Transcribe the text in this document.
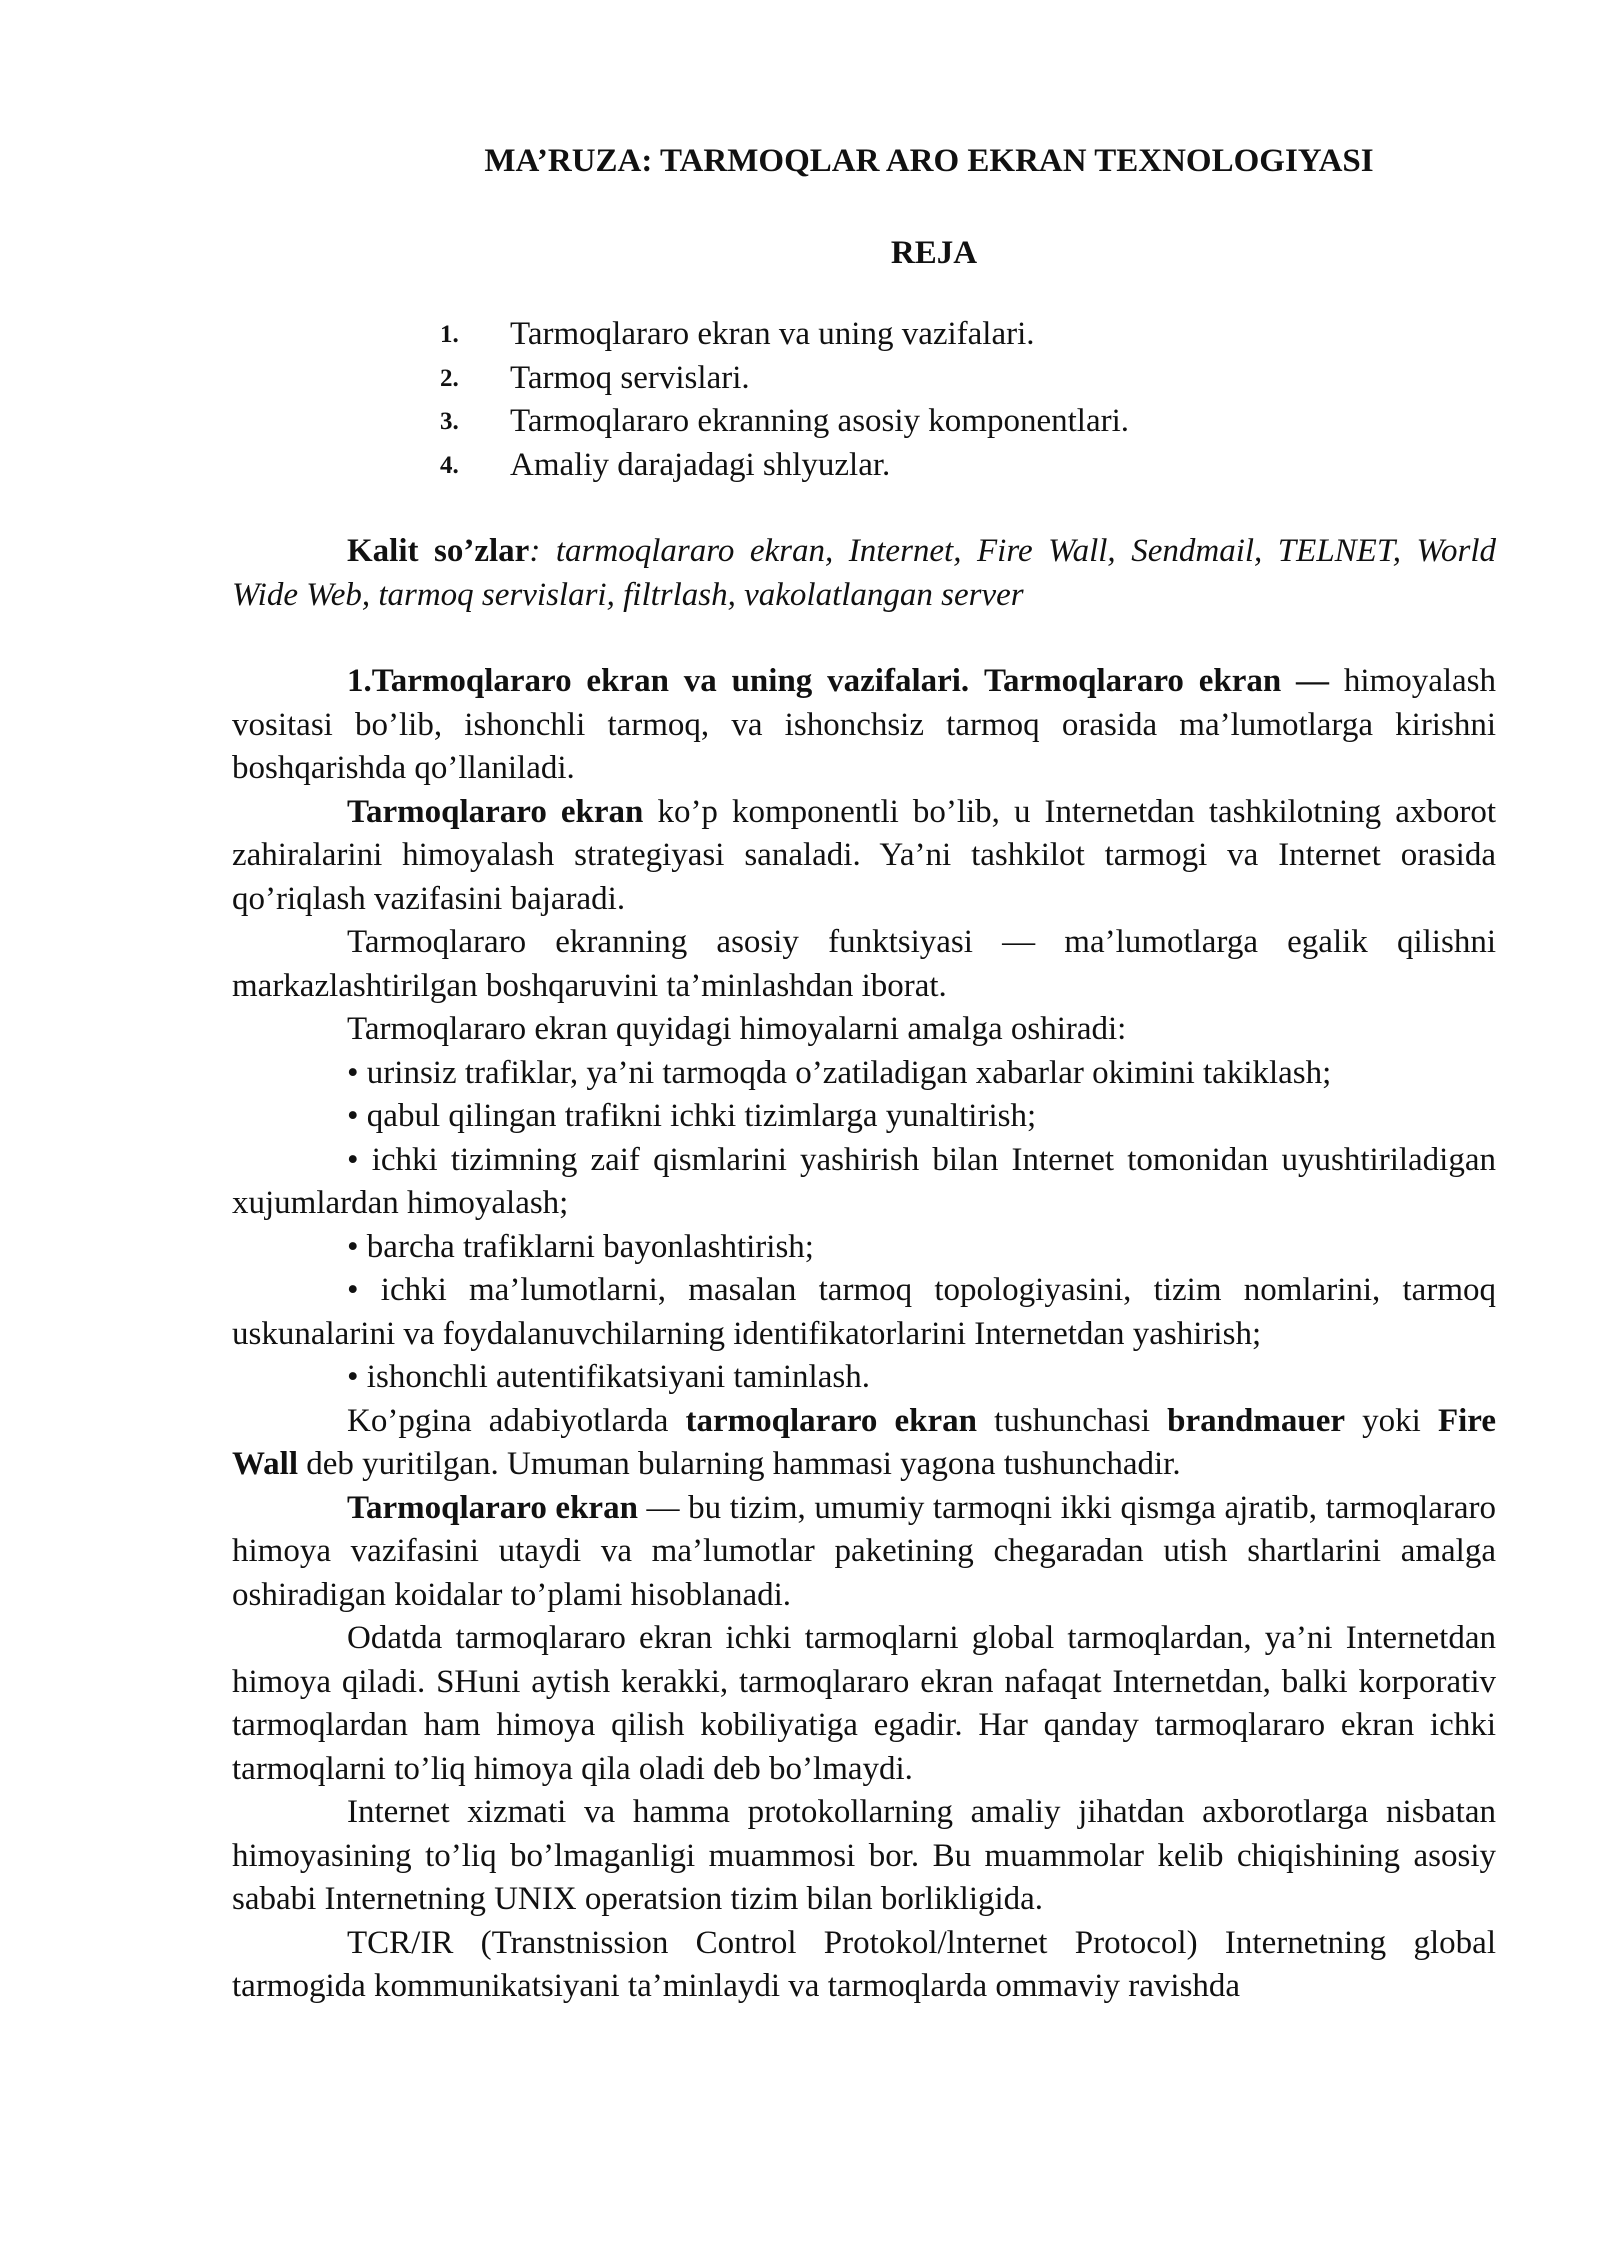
MA’RUZA: TARMOQLAR ARO EKRAN TEXNOLOGIYASI
REJA
1.	Tarmoqlararo ekran va uning vazifalari.
2.	Tarmoq servislari.
3.	Tarmoqlararo ekranning asosiy komponentlari.
4.	Amaliy darajadagi shlyuzlar.

Kalit so’zlar: tarmoqlararo ekran, Internet, Fire Wall, Sendmail, TELNET, World Wide Web, tarmoq servislari, filtrlash, vakolatlangan server

1.Tarmoqlararo ekran va uning vazifalari. Tarmoqlararo ekran — himoyalash vositasi bo’lib, ishonchli tarmoq, va ishonchsiz tarmoq orasida ma’lumotlarga kirishni boshqarishda qo’llaniladi.

Tarmoqlararo ekran ko’p komponentli bo’lib, u Internetdan tashkilotning axborot zahiralarini himoyalash strategiyasi sanaladi. Ya’ni tashkilot tarmogi va Internet orasida qo’riqlash vazifasini bajaradi.

Tarmoqlararo ekranning asosiy funktsiyasi — ma’lumotlarga egalik qilishni markazlashtirilgan boshqaruvini ta’minlashdan iborat.

Tarmoqlararo ekran quyidagi himoyalarni amalga oshiradi:

• urinsiz trafiklar, ya’ni tarmoqda o’zatiladigan xabarlar okimini takiklash;

• qabul qilingan trafikni ichki tizimlarga yunaltirish;

• ichki tizimning zaif qismlarini yashirish bilan Internet tomonidan uyushtiriladigan xujumlardan himoyalash;

• barcha trafiklarni bayonlashtirish;

• ichki ma’lumotlarni, masalan tarmoq topologiyasini, tizim nomlarini, tarmoq uskunalarini va foydalanuvchilarning identifikatorlarini Internetdan yashirish;

• ishonchli autentifikatsiyani taminlash.

Ko’pgina adabiyotlarda tarmoqlararo ekran tushunchasi brandmauer yoki Fire Wall deb yuritilgan. Umuman bularning hammasi yagona tushunchadir.

Tarmoqlararo ekran — bu tizim, umumiy tarmoqni ikki qismga ajratib, tarmoqlararo himoya vazifasini utaydi va ma’lumotlar paketining chegaradan utish shartlarini amalga oshiradigan koidalar to’plami hisoblanadi.

Odatda tarmoqlararo ekran ichki tarmoqlarni global tarmoqlardan, ya’ni Internetdan himoya qiladi. SHuni aytish kerakki, tarmoqlararo ekran nafaqat Internetdan, balki korporativ tarmoqlardan ham himoya qilish kobiliyatiga egadir. Har qanday tarmoqlararo ekran ichki tarmoqlarni to’liq himoya qila oladi deb bo’lmaydi.

Internet xizmati va hamma protokollarning amaliy jihatdan axborotlarga nisbatan himoyasining to’liq bo’lmaganligi muammosi bor. Bu muammolar kelib chiqishining asosiy sababi Internetning UNIX operatsion tizim bilan borlikligida.

TCR/IR (Transtnission Control Protokol/lnternet Protocol) Internetning global tarmogida kommunikatsiyani ta’minlaydi va tarmoqlarda ommaviy ravishda
